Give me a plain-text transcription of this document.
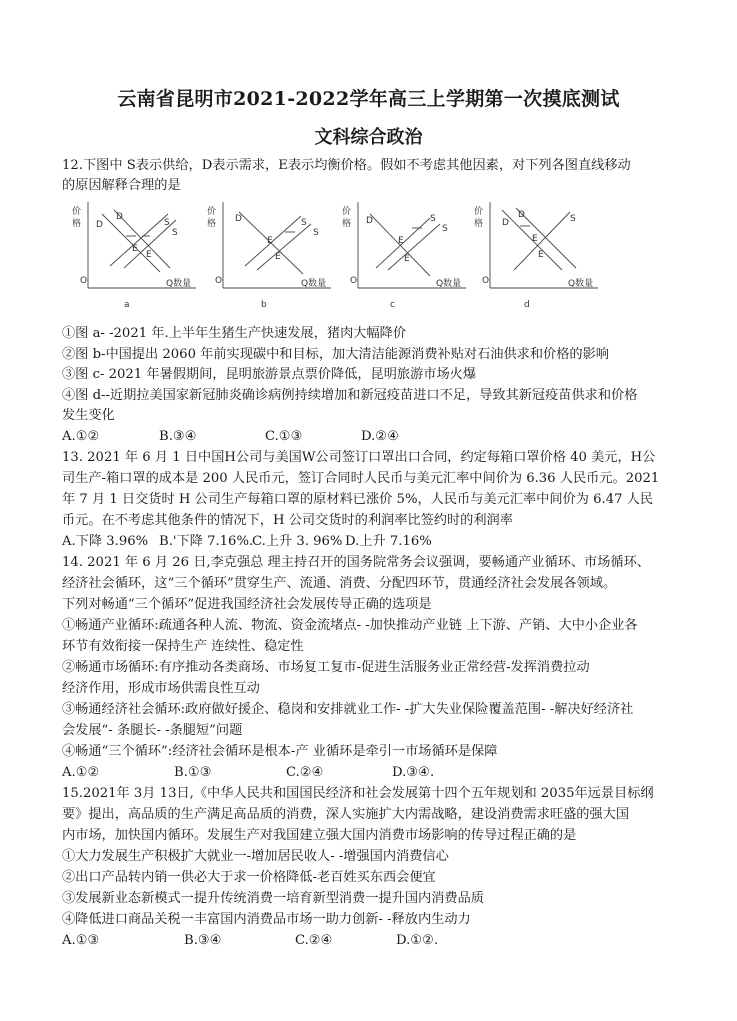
云南省昆明市2021-2022学年高三上学期第一次摸底测试
文科综合政治
12.下图中 S表示供给，D表示需求，E表示均衡价格。假如不考虑其他因素，对下列各图直线移动
的原因解释合理的是
价
格
O	Q数量
D
D
S
S
E
E
a
价
格
O	Q数量
D	S
S
E
E
b
价
格
O	Q数量
D	S
S
E
E
c
价
格
O	Q数量
D
D	S
E
E
d
①图 a- -2021 年.上半年生猪生产快速发展，猪肉大幅降价
②图 b-中国提出 2060 年前实现碳中和目标，加大清洁能源消费补贴对石油供求和价格的影响
③图 c- 2021 年暑假期间，昆明旅游景点票价降低，昆明旅游市场火爆
④图 d--近期拉美国家新冠肺炎确诊病例持续增加和新冠疫苗进口不足，导致其新冠疫苗供求和价格
发生变化
A.①②	B.③④	C.①③	D.②④
13. 2021 年 6 月 1 日中国H公司与美国W公司签订口罩出口合同，约定每箱口罩价格 40 美元，H公
司生产-箱口罩的成本是 200 人民币元，签订合同时人民币与美元汇率中间价为 6.36 人民币元。2021
年 7 月 1 日交货时 H 公司生产每箱口罩的原材料已涨价 5%，人民币与美元汇率中间价为 6.47 人民
币元。在不考虑其他条件的情况下，H 公司交货时的利润率比签约时的利润率
A.下降 3.96% B.'下降 7.16%.
C.上升 3. 96% D.上升 7.16%
14. 2021 年 6 月 26 日,李克强总 理主持召开的国务院常务会议强调，要畅通产业循环、市场循环、
经济社会循环，这“三个循环”贯穿生产、流通、消费、分配四环节，贯通经济社会发展各领域。
下列对畅通“三个循环”促进我国经济社会发展传导正确的选项是
①畅通产业循环:疏通各种人流、物流、资金流堵点- -加快推动产业链 上下游、产销、大中小企业各
环节有效衔接一保持生产 连续性、稳定性
②畅通市场循环:有序推动各类商场、市场复工复市-促进生活服务业正常经营-发挥消费拉动
经济作用，形成市场供需良性互动
③畅通经济社会循环:政府做好援企、稳岗和安排就业工作- -扩大失业保险覆盖范围- -解决好经济社
会发展“- 条腿长- -条腿短”问题
④畅通“三个循环”:经济社会循环是根本-产 业循环是牵引一市场循环是保障
A.①②	B.①③	C.②④	D.③④.
15.2021年 3月 13日,《中华人民共和国国民经济和社会发展第十四个五年规划和 2035年远景目标纲
要》提出，高品质的生产满足高品质的消费，深人实施扩大内需战略，建设消费需求旺盛的强大国
内市场，加快国内循环。发展生产对我国建立强大国内消费市场影响的传导过程正确的是
①大力发展生产积极扩大就业一-增加居民收人- -增强国内消费信心
②出口产品转内销一供必大于求一价格降低-老百姓买东西会便宜
③发展新业态新模式一提升传统消费一培育新型消费一提升国内消费品质
④降低进口商品关税一丰富国内消费品市场一助力创新- -释放内生动力
A.①③	B.③④	C.②④	D.①②.
